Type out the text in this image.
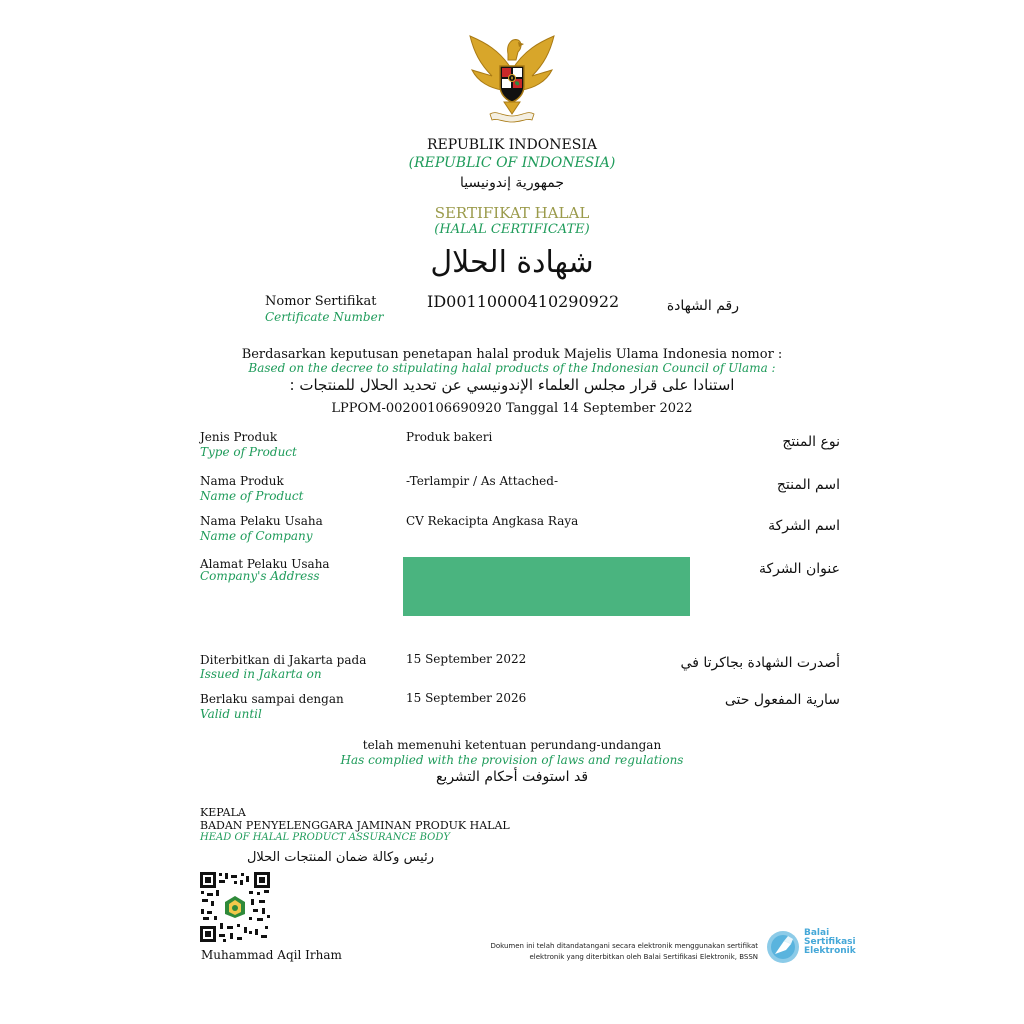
REPUBLIK INDONESIA
(REPUBLIC OF INDONESIA)
جمهورية إندونيسيا
SERTIFIKAT HALAL
(HALAL CERTIFICATE)
شهادة الحلال
Nomor Sertifikat
Certificate Number
ID00110000410290922	رقم الشهادة
Berdasarkan keputusan penetapan halal produk Majelis Ulama Indonesia nomor :
Based on the decree to stipulating halal products of the Indonesian Council of Ulama :
استنادا على قرار مجلس العلماء الإندونيسي عن تحديد الحلال للمنتجات :
LPPOM-00200106690920 Tanggal 14 September 2022
Jenis Produk
Type of Product
Produk bakeri	نوع المنتج
Nama Produk
Name of Product
-Terlampir / As Attached-	اسم المنتج
Nama Pelaku Usaha
Name of Company
CV Rekacipta Angkasa Raya	اسم الشركة
Alamat Pelaku Usaha
Company's Address	عنوان الشركة
Diterbitkan di Jakarta pada
Issued in Jakarta on
15 September 2022	أصدرت الشهادة بجاكرتا في
Berlaku sampai dengan
Valid until
15 September 2026	سارية المفعول حتى
telah memenuhi ketentuan perundang-undangan
Has complied with the provision of laws and regulations
قد استوفت أحكام التشريع
KEPALA
BADAN PENYELENGGARA JAMINAN PRODUK HALAL
HEAD OF HALAL PRODUCT ASSURANCE BODY
رئيس وكالة ضمان المنتجات الحلال
Muhammad Aqil Irham
Dokumen ini telah ditandatangani secara elektronik menggunakan sertifikat
elektronik yang diterbitkan oleh Balai Sertifikasi Elektronik, BSSN
Balai
Sertifikasi
Elektronik
